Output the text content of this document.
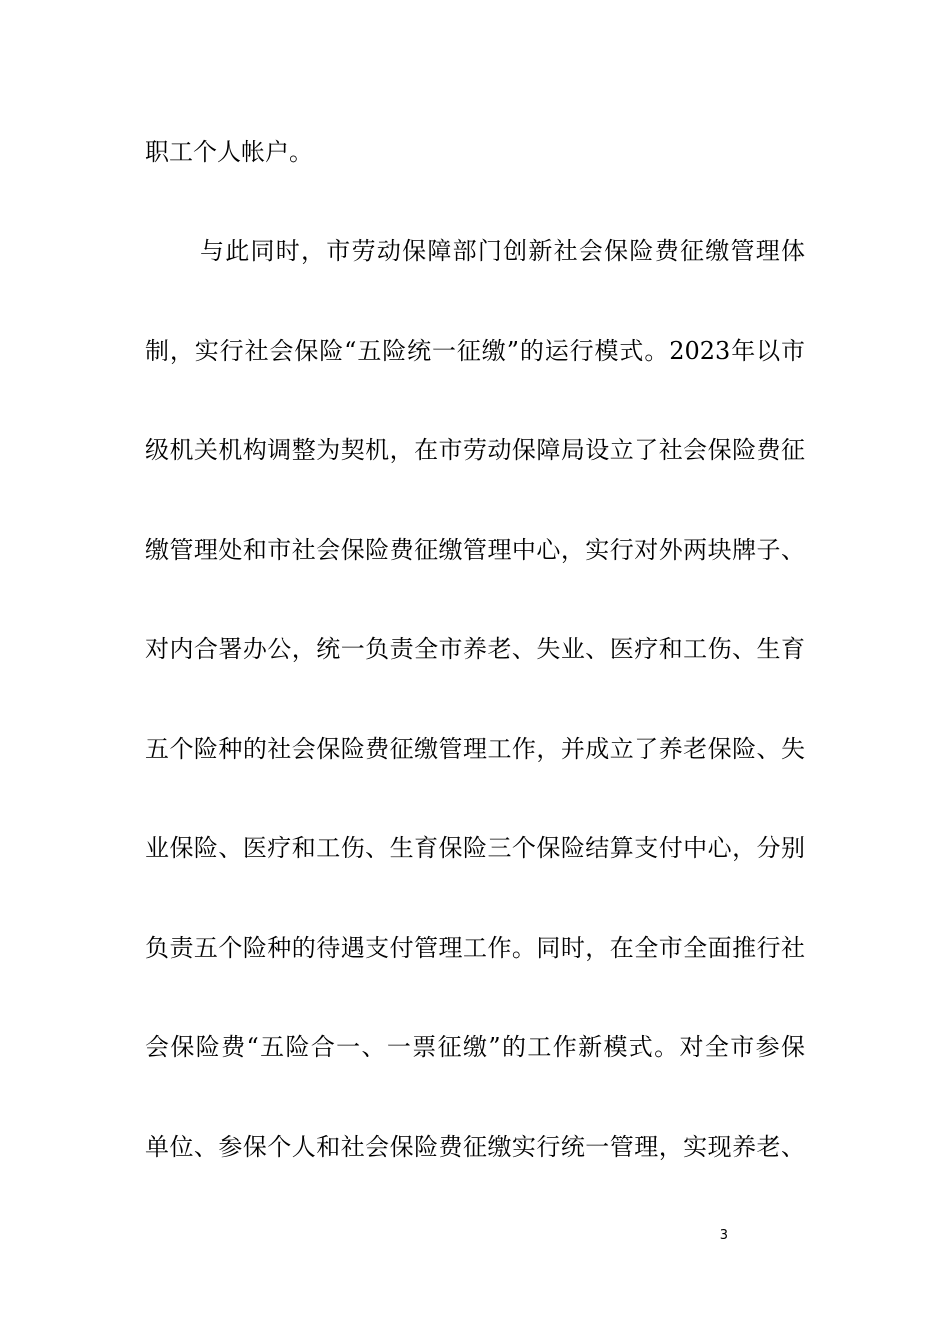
职工个人帐户。
与此同时，市劳动保障部门创新社会保险费征缴管理体
制，实行社会保险“五险统一征缴”的运行模式。2023年以市
级机关机构调整为契机，在市劳动保障局设立了社会保险费征
缴管理处和市社会保险费征缴管理中心，实行对外两块牌子、
对内合署办公，统一负责全市养老、失业、医疗和工伤、生育
五个险种的社会保险费征缴管理工作，并成立了养老保险、失
业保险、医疗和工伤、生育保险三个保险结算支付中心，分别
负责五个险种的待遇支付管理工作。同时，在全市全面推行社
会保险费“五险合一、一票征缴”的工作新模式。对全市参保
单位、参保个人和社会保险费征缴实行统一管理，实现养老、
3
